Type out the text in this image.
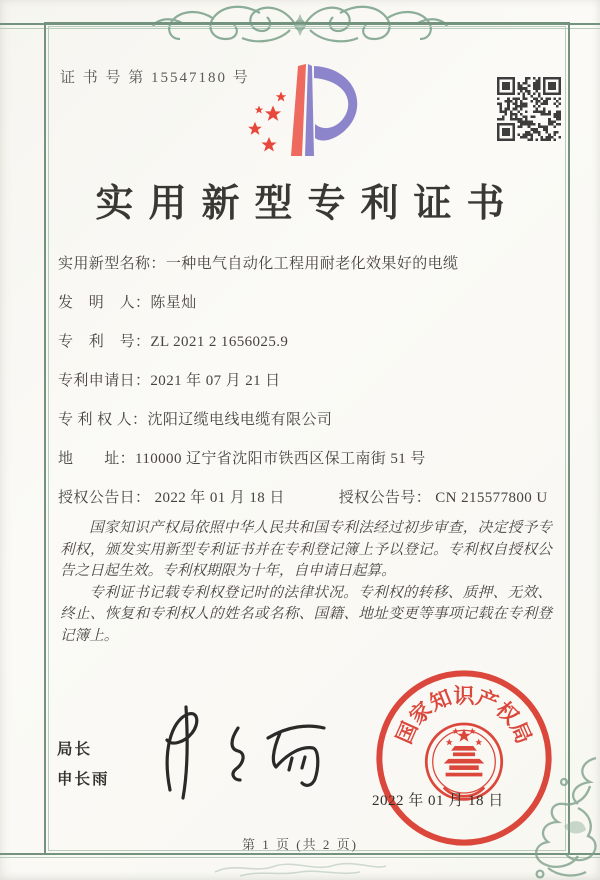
证 书 号 第 15547180 号
实用新型专利证书
实用新型名称： 一种电气自动化工程用耐老化效果好的电缆
发　明　人： 陈星灿
专　利　号： ZL 2021 2 1656025.9
专利申请日： 2021 年 07 月 21 日
专 利 权 人： 沈阳辽缆电线电缆有限公司
地　　址： 110000 辽宁省沈阳市铁西区保工南街 51 号
授权公告日： 2022 年 01 月 18 日	授权公告号： CN 215577800 U

国家知识产权局依照中华人民共和国专利法经过初步审查，决定授予专利权，颁发实用新型专利证书并在专利登记簿上予以登记。专利权自授权公告之日起生效。专利权期限为十年，自申请日起算。

专利证书记载专利权登记时的法律状况。专利权的转移、质押、无效、终止、恢复和专利权人的姓名或名称、国籍、地址变更等事项记载在专利登记簿上。

局长
申长雨
国
家
知
识
产
权
局
2022 年 01 月 18 日
第 1 页 (共 2 页)
